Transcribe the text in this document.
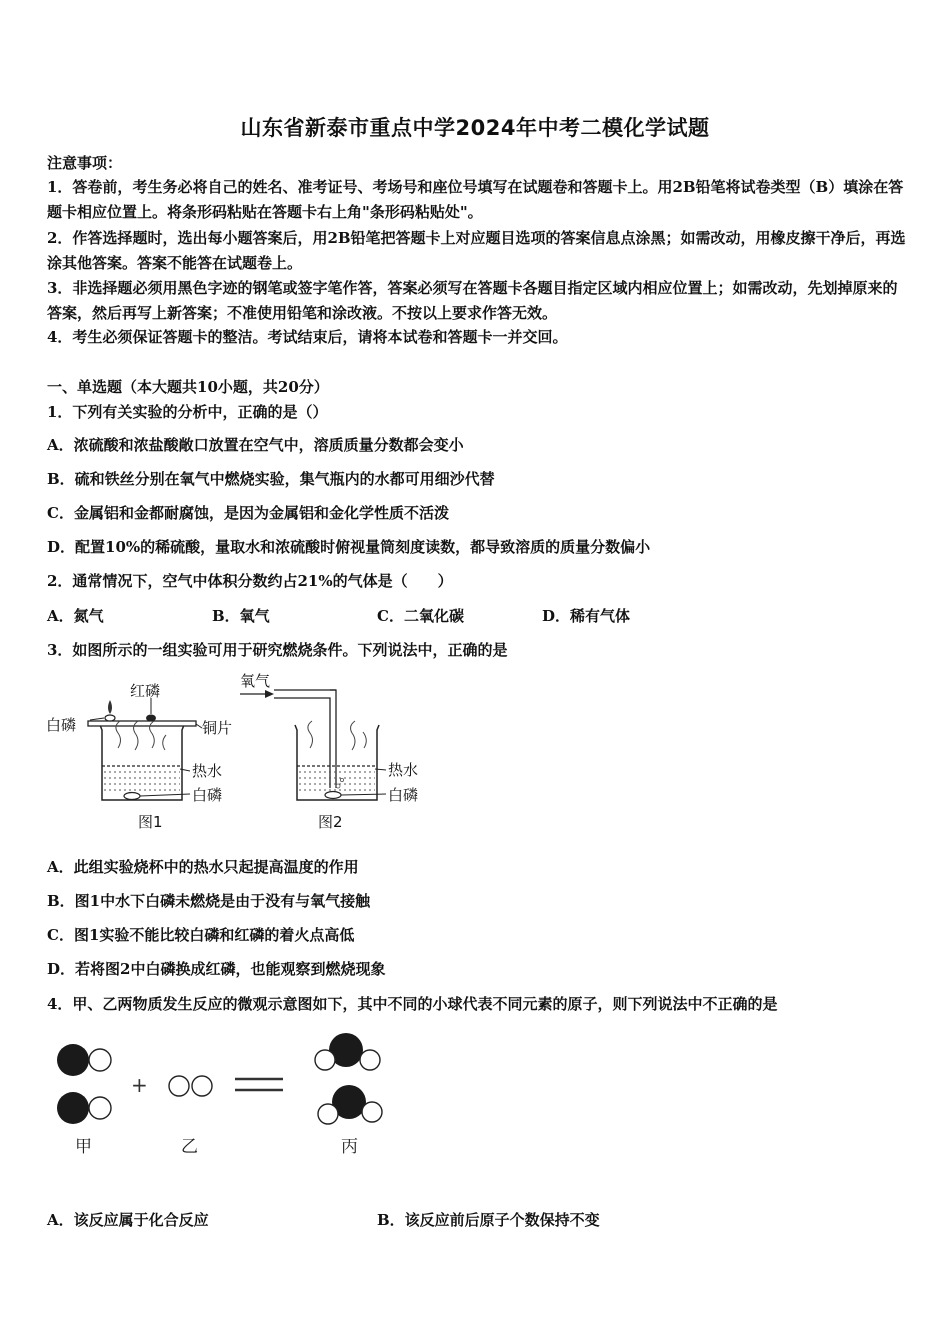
山东省新泰市重点中学2024年中考二模化学试题
注意事项：
1．答卷前，考生务必将自己的姓名、准考证号、考场号和座位号填写在试题卷和答题卡上。用2B铅笔将试卷类型（B）填涂在答题卡相应位置上。将条形码粘贴在答题卡右上角"条形码粘贴处"。
2．作答选择题时，选出每小题答案后，用2B铅笔把答题卡上对应题目选项的答案信息点涂黑；如需改动，用橡皮擦干净后，再选涂其他答案。答案不能答在试题卷上。
3．非选择题必须用黑色字迹的钢笔或签字笔作答，答案必须写在答题卡各题目指定区域内相应位置上；如需改动，先划掉原来的答案，然后再写上新答案；不准使用铅笔和涂改液。不按以上要求作答无效。
4．考生必须保证答题卡的整洁。考试结束后，请将本试卷和答题卡一并交回。
一、单选题（本大题共10小题，共20分）
1．下列有关实验的分析中，正确的是（）
A．浓硫酸和浓盐酸敞口放置在空气中，溶质质量分数都会变小
B．硫和铁丝分别在氧气中燃烧实验，集气瓶内的水都可用细沙代替
C．金属铝和金都耐腐蚀，是因为金属铝和金化学性质不活泼
D．配置10%的稀硫酸，量取水和浓硫酸时俯视量筒刻度读数，都导致溶质的质量分数偏小
2．通常情况下，空气中体积分数约占21%的气体是（　　）
A．氮气	B．氧气	C．二氧化碳	D．稀有气体
3．如图所示的一组实验可用于研究燃烧条件。下列说法中，正确的是
红磷
白磷	铜片
热水
白磷
图1
氧气
热水
白磷
图2
A．此组实验烧杯中的热水只起提高温度的作用
B．图1中水下白磷未燃烧是由于没有与氧气接触
C．图1实验不能比较白磷和红磷的着火点高低
D．若将图2中白磷换成红磷，也能观察到燃烧现象
4．甲、乙两物质发生反应的微观示意图如下，其中不同的小球代表不同元素的原子，则下列说法中不正确的是
+
甲	乙	丙
A．该反应属于化合反应	B．该反应前后原子个数保持不变
